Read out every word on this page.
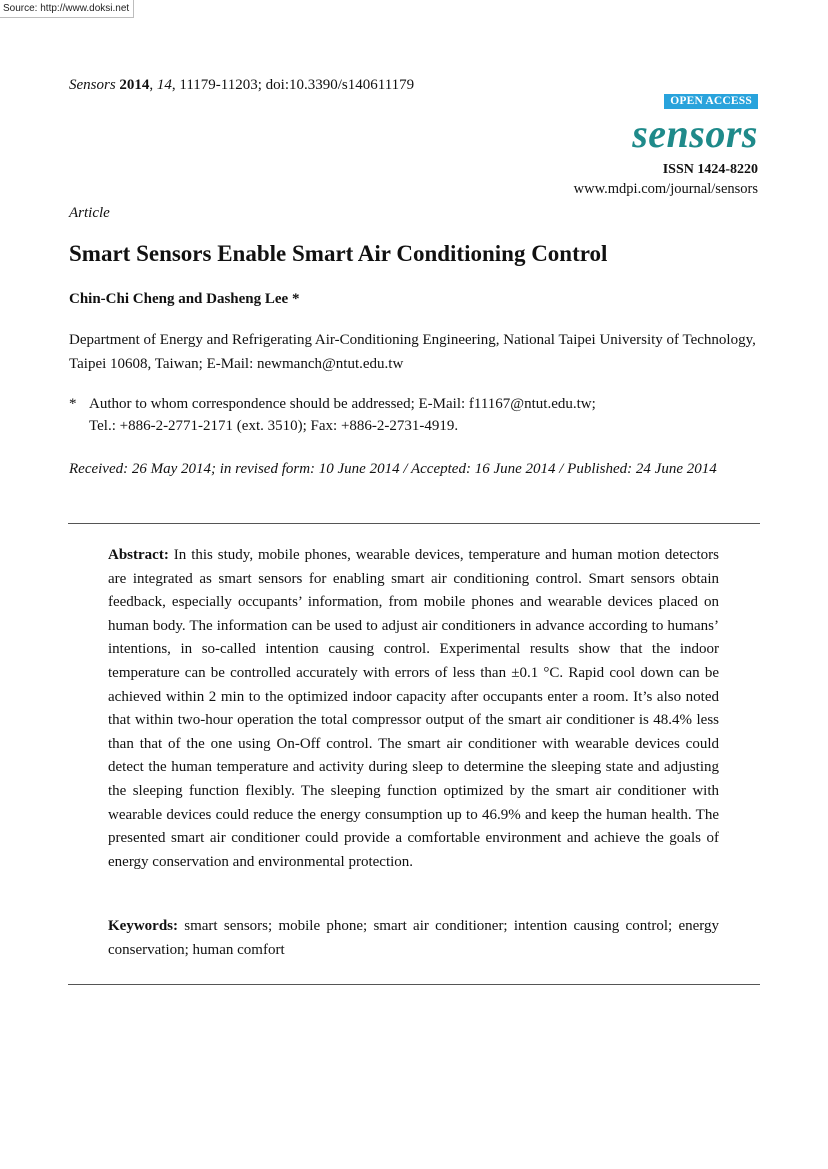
Source: http://www.doksi.net
Sensors 2014, 14, 11179-11203; doi:10.3390/s140611179
OPEN ACCESS
sensors
ISSN 1424-8220
www.mdpi.com/journal/sensors
Article
Smart Sensors Enable Smart Air Conditioning Control
Chin-Chi Cheng and Dasheng Lee *
Department of Energy and Refrigerating Air-Conditioning Engineering, National Taipei University of Technology, Taipei 10608, Taiwan; E-Mail: newmanch@ntut.edu.tw
* Author to whom correspondence should be addressed; E-Mail: f11167@ntut.edu.tw;
Tel.: +886-2-2771-2171 (ext. 3510); Fax: +886-2-2731-4919.
Received: 26 May 2014; in revised form: 10 June 2014 / Accepted: 16 June 2014 / Published: 24 June 2014
Abstract: In this study, mobile phones, wearable devices, temperature and human motion detectors are integrated as smart sensors for enabling smart air conditioning control. Smart sensors obtain feedback, especially occupants’ information, from mobile phones and wearable devices placed on human body. The information can be used to adjust air conditioners in advance according to humans’ intentions, in so-called intention causing control. Experimental results show that the indoor temperature can be controlled accurately with errors of less than ±0.1 °C. Rapid cool down can be achieved within 2 min to the optimized indoor capacity after occupants enter a room. It’s also noted that within two-hour operation the total compressor output of the smart air conditioner is 48.4% less than that of the one using On-Off control. The smart air conditioner with wearable devices could detect the human temperature and activity during sleep to determine the sleeping state and adjusting the sleeping function flexibly. The sleeping function optimized by the smart air conditioner with wearable devices could reduce the energy consumption up to 46.9% and keep the human health. The presented smart air conditioner could provide a comfortable environment and achieve the goals of energy conservation and environmental protection.
Keywords: smart sensors; mobile phone; smart air conditioner; intention causing control; energy conservation; human comfort
